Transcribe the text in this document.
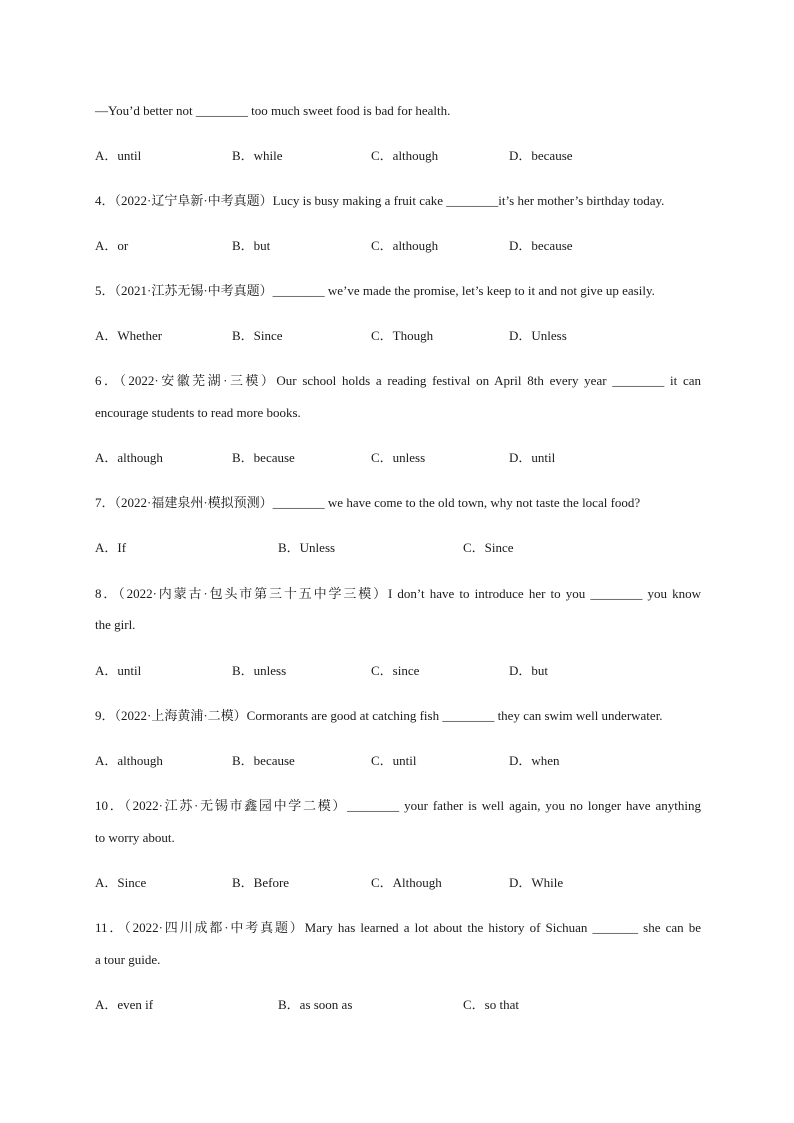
—You’d better not ________ too much sweet food is bad for health.
A．until	B．while	C．although	D．because
4．（2022·辽宁阜新·中考真题）Lucy is busy making a fruit cake ________it’s her mother’s birthday today.
A．or	B．but	C．although	D．because
5．（2021·江苏无锡·中考真题）________ we’ve made the promise, let’s keep to it and not give up easily.
A．Whether	B．Since	C．Though	D．Unless
6．（2022·安徽芜湖·三模）Our school holds a reading festival on April 8th every year ________ it can
encourage students to read more books.
A．although	B．because	C．unless	D．until
7．（2022·福建泉州·模拟预测）________ we have come to the old town, why not taste the local food?
A．If	B．Unless	C．Since
8．（2022·内蒙古·包头市第三十五中学三模）I don’t have to introduce her to you ________ you know
the girl.
A．until	B．unless	C．since	D．but
9．（2022·上海黄浦·二模）Cormorants are good at catching fish ________ they can swim well underwater.
A．although	B．because	C．until	D．when
10．（2022·江苏·无锡市鑫园中学二模）________ your father is well again, you no longer have anything
to worry about.
A．Since	B．Before	C．Although	D．While
11．（2022·四川成都·中考真题）Mary has learned a lot about the history of Sichuan _______ she can be
a tour guide.
A．even if	B．as soon as	C．so that
